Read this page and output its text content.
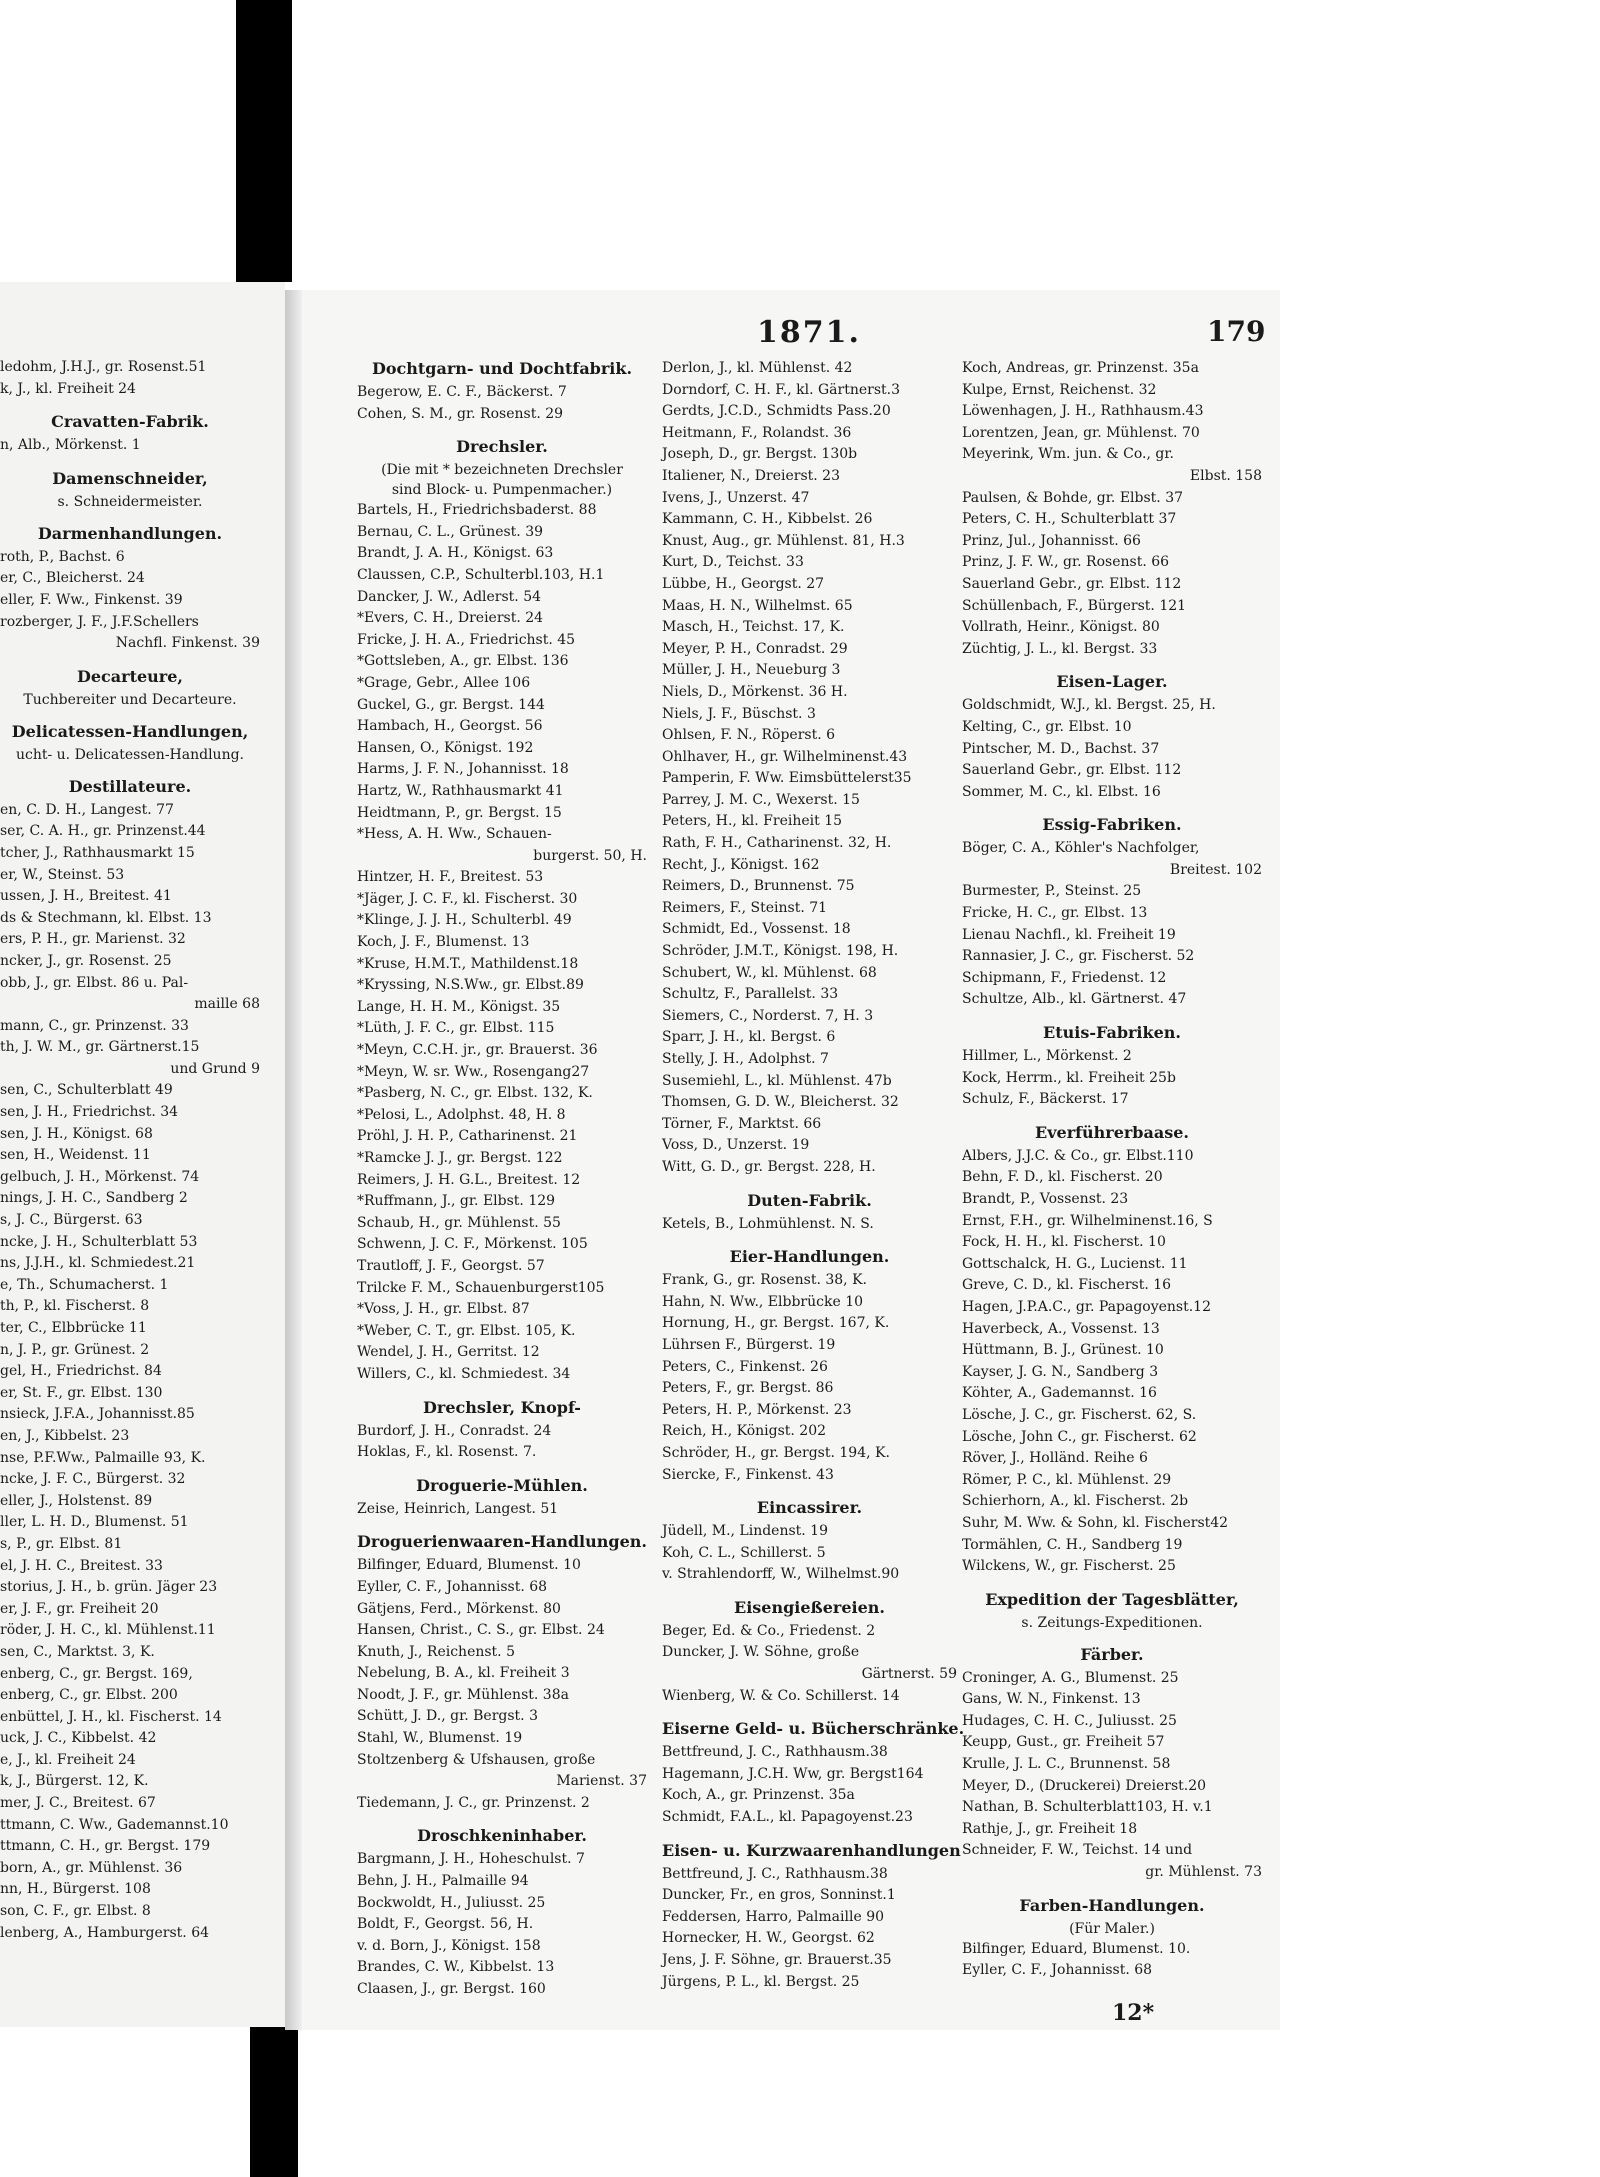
ledohm, J.H.J., gr. Rosenst.51
k, J., kl. Freiheit 24
Cravatten-Fabrik.
n, Alb., Mörkenst. 1
Damenschneider,
s. Schneidermeister.
Darmenhandlungen.
roth, P., Bachst. 6
er, C., Bleicherst. 24
eller, F. Ww., Finkenst. 39
rozberger, J. F., J.F.Schellers
Nachfl. Finkenst. 39
Decarteure,
Tuchbereiter und Decarteure.
Delicatessen-Handlungen,
ucht- u. Delicatessen-Handlung.
Destillateure.
en, C. D. H., Langest. 77
ser, C. A. H., gr. Prinzenst.44
tcher, J., Rathhausmarkt 15
er, W., Steinst. 53
ussen, J. H., Breitest. 41
ds & Stechmann, kl. Elbst. 13
ers, P. H., gr. Marienst. 32
ncker, J., gr. Rosenst. 25
obb, J., gr. Elbst. 86 u. Pal-
maille 68
mann, C., gr. Prinzenst. 33
th, J. W. M., gr. Gärtnerst.15
und Grund 9
sen, C., Schulterblatt 49
sen, J. H., Friedrichst. 34
sen, J. H., Königst. 68
sen, H., Weidenst. 11
gelbuch, J. H., Mörkenst. 74
nings, J. H. C., Sandberg 2
s, J. C., Bürgerst. 63
ncke, J. H., Schulterblatt 53
ns, J.J.H., kl. Schmiedest.21
e, Th., Schumacherst. 1
th, P., kl. Fischerst. 8
ter, C., Elbbrücke 11
n, J. P., gr. Grünest. 2
gel, H., Friedrichst. 84
er, St. F., gr. Elbst. 130
nsieck, J.F.A., Johannisst.85
en, J., Kibbelst. 23
nse, P.F.Ww., Palmaille 93, K.
ncke, J. F. C., Bürgerst. 32
eller, J., Holstenst. 89
ller, L. H. D., Blumenst. 51
s, P., gr. Elbst. 81
el, J. H. C., Breitest. 33
storius, J. H., b. grün. Jäger 23
er, J. F., gr. Freiheit 20
röder, J. H. C., kl. Mühlenst.11
sen, C., Marktst. 3, K.
enberg, C., gr. Bergst. 169,
enberg, C., gr. Elbst. 200
enbüttel, J. H., kl. Fischerst. 14
uck, J. C., Kibbelst. 42
e, J., kl. Freiheit 24
k, J., Bürgerst. 12, K.
mer, J. C., Breitest. 67
ttmann, C. Ww., Gademannst.10
ttmann, C. H., gr. Bergst. 179
born, A., gr. Mühlenst. 36
nn, H., Bürgerst. 108
son, C. F., gr. Elbst. 8
lenberg, A., Hamburgerst. 64
1871.	179
Dochtgarn- und Dochtfabrik.
Begerow, E. C. F., Bäckerst. 7
Cohen, S. M., gr. Rosenst. 29
Drechsler.
(Die mit * bezeichneten Drechsler
sind Block- u. Pumpenmacher.)
Bartels, H., Friedrichsbaderst. 88
Bernau, C. L., Grünest. 39
Brandt, J. A. H., Königst. 63
Claussen, C.P., Schulterbl.103, H.1
Dancker, J. W., Adlerst. 54
*Evers, C. H., Dreierst. 24
Fricke, J. H. A., Friedrichst. 45
*Gottsleben, A., gr. Elbst. 136
*Grage, Gebr., Allee 106
Guckel, G., gr. Bergst. 144
Hambach, H., Georgst. 56
Hansen, O., Königst. 192
Harms, J. F. N., Johannisst. 18
Hartz, W., Rathhausmarkt 41
Heidtmann, P., gr. Bergst. 15
*Hess, A. H. Ww., Schauen-
burgerst. 50, H.
Hintzer, H. F., Breitest. 53
*Jäger, J. C. F., kl. Fischerst. 30
*Klinge, J. J. H., Schulterbl. 49
Koch, J. F., Blumenst. 13
*Kruse, H.M.T., Mathildenst.18
*Kryssing, N.S.Ww., gr. Elbst.89
Lange, H. H. M., Königst. 35
*Lüth, J. F. C., gr. Elbst. 115
*Meyn, C.C.H. jr., gr. Brauerst. 36
*Meyn, W. sr. Ww., Rosengang27
*Pasberg, N. C., gr. Elbst. 132, K.
*Pelosi, L., Adolphst. 48, H. 8
Pröhl, J. H. P., Catharinenst. 21
*Ramcke J. J., gr. Bergst. 122
Reimers, J. H. G.L., Breitest. 12
*Ruffmann, J., gr. Elbst. 129
Schaub, H., gr. Mühlenst. 55
Schwenn, J. C. F., Mörkenst. 105
Trautloff, J. F., Georgst. 57
Trilcke F. M., Schauenburgerst105
*Voss, J. H., gr. Elbst. 87
*Weber, C. T., gr. Elbst. 105, K.
Wendel, J. H., Gerritst. 12
Willers, C., kl. Schmiedest. 34
Drechsler, Knopf-
Burdorf, J. H., Conradst. 24
Hoklas, F., kl. Rosenst. 7.
Droguerie-Mühlen.
Zeise, Heinrich, Langest. 51
Droguerienwaaren-Handlungen.
Bilfinger, Eduard, Blumenst. 10
Eyller, C. F., Johannisst. 68
Gätjens, Ferd., Mörkenst. 80
Hansen, Christ., C. S., gr. Elbst. 24
Knuth, J., Reichenst. 5
Nebelung, B. A., kl. Freiheit 3
Noodt, J. F., gr. Mühlenst. 38a
Schütt, J. D., gr. Bergst. 3
Stahl, W., Blumenst. 19
Stoltzenberg & Ufshausen, große
Marienst. 37
Tiedemann, J. C., gr. Prinzenst. 2
Droschkeninhaber.
Bargmann, J. H., Hoheschulst. 7
Behn, J. H., Palmaille 94
Bockwoldt, H., Juliusst. 25
Boldt, F., Georgst. 56, H.
v. d. Born, J., Königst. 158
Brandes, C. W., Kibbelst. 13
Claasen, J., gr. Bergst. 160
Derlon, J., kl. Mühlenst. 42
Dorndorf, C. H. F., kl. Gärtnerst.3
Gerdts, J.C.D., Schmidts Pass.20
Heitmann, F., Rolandst. 36
Joseph, D., gr. Bergst. 130b
Italiener, N., Dreierst. 23
Ivens, J., Unzerst. 47
Kammann, C. H., Kibbelst. 26
Knust, Aug., gr. Mühlenst. 81, H.3
Kurt, D., Teichst. 33
Lübbe, H., Georgst. 27
Maas, H. N., Wilhelmst. 65
Masch, H., Teichst. 17, K.
Meyer, P. H., Conradst. 29
Müller, J. H., Neueburg 3
Niels, D., Mörkenst. 36 H.
Niels, J. F., Büschst. 3
Ohlsen, F. N., Röperst. 6
Ohlhaver, H., gr. Wilhelminenst.43
Pamperin, F. Ww. Eimsbüttelerst35
Parrey, J. M. C., Wexerst. 15
Peters, H., kl. Freiheit 15
Rath, F. H., Catharinenst. 32, H.
Recht, J., Königst. 162
Reimers, D., Brunnenst. 75
Reimers, F., Steinst. 71
Schmidt, Ed., Vossenst. 18
Schröder, J.M.T., Königst. 198, H.
Schubert, W., kl. Mühlenst. 68
Schultz, F., Parallelst. 33
Siemers, C., Norderst. 7, H. 3
Sparr, J. H., kl. Bergst. 6
Stelly, J. H., Adolphst. 7
Susemiehl, L., kl. Mühlenst. 47b
Thomsen, G. D. W., Bleicherst. 32
Törner, F., Marktst. 66
Voss, D., Unzerst. 19
Witt, G. D., gr. Bergst. 228, H.
Duten-Fabrik.
Ketels, B., Lohmühlenst. N. S.
Eier-Handlungen.
Frank, G., gr. Rosenst. 38, K.
Hahn, N. Ww., Elbbrücke 10
Hornung, H., gr. Bergst. 167, K.
Lührsen F., Bürgerst. 19
Peters, C., Finkenst. 26
Peters, F., gr. Bergst. 86
Peters, H. P., Mörkenst. 23
Reich, H., Königst. 202
Schröder, H., gr. Bergst. 194, K.
Siercke, F., Finkenst. 43
Eincassirer.
Jüdell, M., Lindenst. 19
Koh, C. L., Schillerst. 5
v. Strahlendorff, W., Wilhelmst.90
Eisengießereien.
Beger, Ed. & Co., Friedenst. 2
Duncker, J. W. Söhne, große
Gärtnerst. 59
Wienberg, W. & Co. Schillerst. 14
Eiserne Geld- u. Bücherschränke.
Bettfreund, J. C., Rathhausm.38
Hagemann, J.C.H. Ww, gr. Bergst164
Koch, A., gr. Prinzenst. 35a
Schmidt, F.A.L., kl. Papagoyenst.23
Eisen- u. Kurzwaarenhandlungen
Bettfreund, J. C., Rathhausm.38
Duncker, Fr., en gros, Sonninst.1
Feddersen, Harro, Palmaille 90
Hornecker, H. W., Georgst. 62
Jens, J. F. Söhne, gr. Brauerst.35
Jürgens, P. L., kl. Bergst. 25
Koch, Andreas, gr. Prinzenst. 35a
Kulpe, Ernst, Reichenst. 32
Löwenhagen, J. H., Rathhausm.43
Lorentzen, Jean, gr. Mühlenst. 70
Meyerink, Wm. jun. & Co., gr.
Elbst. 158
Paulsen, & Bohde, gr. Elbst. 37
Peters, C. H., Schulterblatt 37
Prinz, Jul., Johannisst. 66
Prinz, J. F. W., gr. Rosenst. 66
Sauerland Gebr., gr. Elbst. 112
Schüllenbach, F., Bürgerst. 121
Vollrath, Heinr., Königst. 80
Züchtig, J. L., kl. Bergst. 33
Eisen-Lager.
Goldschmidt, W.J., kl. Bergst. 25, H.
Kelting, C., gr. Elbst. 10
Pintscher, M. D., Bachst. 37
Sauerland Gebr., gr. Elbst. 112
Sommer, M. C., kl. Elbst. 16
Essig-Fabriken.
Böger, C. A., Köhler's Nachfolger,
Breitest. 102
Burmester, P., Steinst. 25
Fricke, H. C., gr. Elbst. 13
Lienau Nachfl., kl. Freiheit 19
Rannasier, J. C., gr. Fischerst. 52
Schipmann, F., Friedenst. 12
Schultze, Alb., kl. Gärtnerst. 47
Etuis-Fabriken.
Hillmer, L., Mörkenst. 2
Kock, Herrm., kl. Freiheit 25b
Schulz, F., Bäckerst. 17
Everführerbaase.
Albers, J.J.C. & Co., gr. Elbst.110
Behn, F. D., kl. Fischerst. 20
Brandt, P., Vossenst. 23
Ernst, F.H., gr. Wilhelminenst.16, S
Fock, H. H., kl. Fischerst. 10
Gottschalck, H. G., Lucienst. 11
Greve, C. D., kl. Fischerst. 16
Hagen, J.P.A.C., gr. Papagoyenst.12
Haverbeck, A., Vossenst. 13
Hüttmann, B. J., Grünest. 10
Kayser, J. G. N., Sandberg 3
Köhter, A., Gademannst. 16
Lösche, J. C., gr. Fischerst. 62, S.
Lösche, John C., gr. Fischerst. 62
Röver, J., Holländ. Reihe 6
Römer, P. C., kl. Mühlenst. 29
Schierhorn, A., kl. Fischerst. 2b
Suhr, M. Ww. & Sohn, kl. Fischerst42
Tormählen, C. H., Sandberg 19
Wilckens, W., gr. Fischerst. 25
Expedition der Tagesblätter,
s. Zeitungs-Expeditionen.
Färber.
Croninger, A. G., Blumenst. 25
Gans, W. N., Finkenst. 13
Hudages, C. H. C., Juliusst. 25
Keupp, Gust., gr. Freiheit 57
Krulle, J. L. C., Brunnenst. 58
Meyer, D., (Druckerei) Dreierst.20
Nathan, B. Schulterblatt103, H. v.1
Rathje, J., gr. Freiheit 18
Schneider, F. W., Teichst. 14 und
gr. Mühlenst. 73
Farben-Handlungen.
(Für Maler.)
Bilfinger, Eduard, Blumenst. 10.
Eyller, C. F., Johannisst. 68
12*
